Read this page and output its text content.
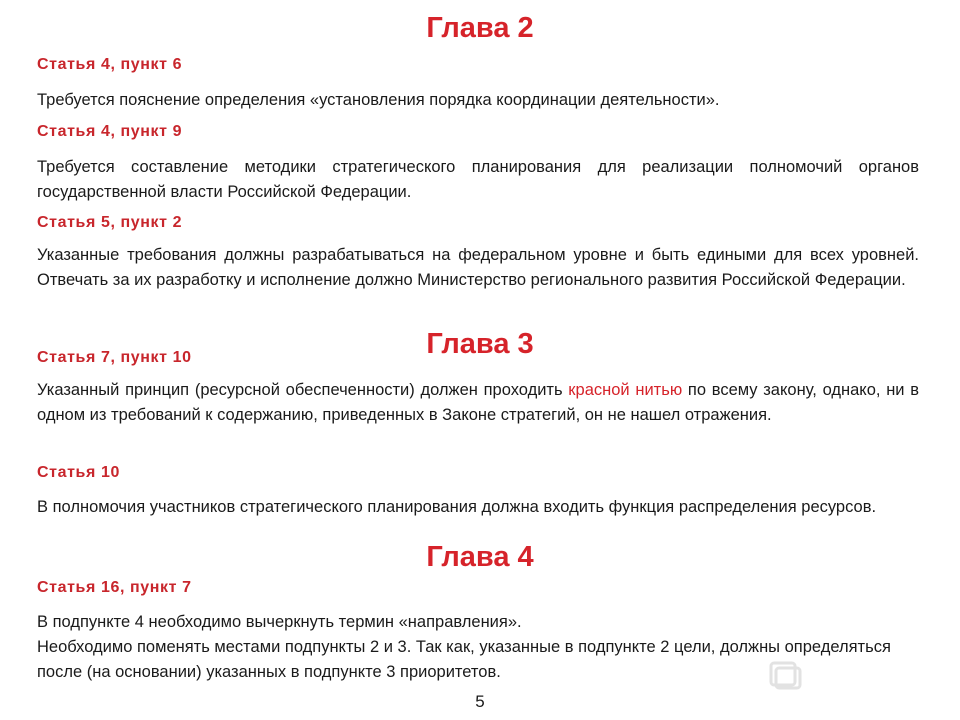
Глава 2
Статья 4, пункт 6

Требуется пояснение определения «установления порядка координации деятельности».

Статья 4, пункт 9

Требуется составление методики стратегического планирования для реализации полномочий органов государственной власти Российской Федерации.

Статья 5, пункт 2

Указанные требования должны разрабатываться на федеральном уровне и быть едиными для всех уровней. Отвечать за их разработку и исполнение должно Министерство регионального развития Российской Федерации.

Глава 3
Статья 7, пункт 10

Указанный принцип (ресурсной обеспеченности) должен проходить красной нитью по всему закону, однако, ни в одном из требований к содержанию, приведенных в Законе стратегий, он не нашел отражения.

Статья 10

В полномочия участников стратегического планирования должна входить функция распределения ресурсов.

Глава 4
Статья 16, пункт 7

В подпункте 4 необходимо вычеркнуть термин «направления».

Необходимо поменять местами подпункты 2 и 3. Так как, указанные в подпункте 2 цели, должны определяться после (на основании) указанных в подпункте 3 приоритетов.

5
